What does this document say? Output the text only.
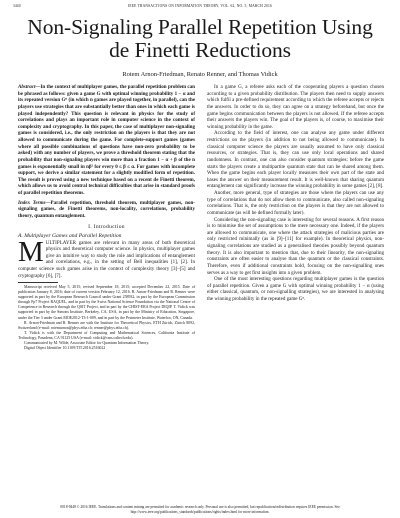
3440	IEEE TRANSACTIONS ON INFORMATION THEORY, VOL. 62, NO. 5, MARCH 2016
Non-Signaling Parallel Repetition Using de Finetti Reductions
Rotem Arnon-Friedman, Renato Renner, and Thomas Vidick

Abstract—In the context of multiplayer games, the parallel repetition problem can be phrased as follows: given a game G with optimal winning probability 1 − α and its repeated version Gⁿ (in which n games are played together, in parallel), can the players use strategies that are substantially better than ones in which each game is played independently? This question is relevant in physics for the study of correlations and plays an important role in computer science in the context of complexity and cryptography. In this paper, the case of multiplayer non-signaling games is considered, i.e., the only restriction on the players is that they are not allowed to communicate during the game. For complete-support games (games where all possible combinations of questions have non-zero probability to be asked) with any number of players, we prove a threshold theorem stating that the probability that non-signaling players win more than a fraction 1 − α + β of the n games is exponentially small in nβ² for every 0 ≤ β ≤ α. For games with incomplete support, we derive a similar statement for a slightly modified form of repetition. The result is proved using a new technique based on a recent de Finetti theorem, which allows us to avoid central technical difficulties that arise in standard proofs of parallel repetition theorems.

Index Terms—Parallel repetition, threshold theorem, multiplayer games, non-signaling games, de Finetti theorems, non-locality, correlations, probability theory, quantum entanglement.

I. Introduction
A. Multiplayer Games and Parallel Repetition

MULTIPLAYER games are relevant in many areas of both theoretical physics and theoretical computer science. In physics, multiplayer games give an intuitive way to study the role and implications of entanglement and correlations, e.g., in the setting of Bell inequalities [1], [2]. In computer science such games arise in the context of complexity theory [3]–[5] and cryptography [6], [7].

Manuscript received May 5, 2015; revised September 18, 2015; accepted December 22, 2015. Date of publication January 8, 2016; date of current version February 12, 2016. R. Arnon-Friedman and R. Renner were supported in part by the European Research Council under Grant 258932, in part by the European Commission through Fp7 Project RAQUEL, and in part by the Swiss National Science Foundation via the National Centre of Competence in Research through the QSIT Project, and in part by the CHIST-ERA Project DIQIP. T. Vidick was supported in part by the Simons Institute, Berkeley, CA, USA, in part by the Ministry of Education, Singapore, under the Tier 3 under Grant MOE2012-T3-1-009, and in part by the Perimeter Institute, Waterloo, ON, Canada.

R. Arnon-Friedman and R. Renner are with the Institute for Theoretical Physics, ETH Zürich, Zürich 8092, Switzerland (e-mail: rotemarnon@phys.ethz.ch; renner@phys.ethz.ch).

T. Vidick is with the Department of Computing and Mathematical Sciences, California Institute of Technology, Pasadena, CA 91125 USA (e-mail: vidick@cms.caltech.edu).

Communicated by M. Wilde, Associate Editor for Quantum Information Theory.

Digital Object Identifier 10.1109/TIT.2016.2516022

In a game G, a referee asks each of the cooperating players a question chosen according to a given probability distribution. The players then need to supply answers which fulfil a pre-defined requirement according to which the referee accepts or rejects the answers. In order to do so, they can agree on a strategy beforehand, but once the game begins communication between the players is not allowed. If the referee accepts their answers the players win. The goal of the players is, of course, to maximise their winning probability in the game.

According to the field of interest, one can analyse any game under different restrictions on the players (in addition to not being allowed to communicate). In classical computer science the players are usually assumed to have only classical resources, or strategies. That is, they can use only local operations and shared randomness. In contrast, one can also consider quantum strategies: before the game starts the players create a multipartite quantum state that can be shared among them. When the game begins each player locally measures their own part of the state and bases the answer on their measurement result. It is well-known that sharing quantum entanglement can significantly increase the winning probability in some games [2], [8].

Another, more general, type of strategies are those where the players can use any type of correlations that do not allow them to communicate, also called non-signaling correlations. That is, the only restriction on the players is that they are not allowed to communicate (as will be defined formally later).

Considering the non-signaling case is interesting for several reasons. A first reason is to minimise the set of assumptions to the mere necessary one. Indeed, if the players are allowed to communicate, one where the attack strategies of malicious parties are only restricted minimally (as in [9]–[11] for example). In theoretical physics, non-signaling correlations are studied as a generalised theories possibly beyond quantum theory. It is also important to mention that, due to their linearity, the non-signaling constraints are often easier to analyse than the quantum or the classical constraints. Therefore, even if additional constraints hold, focusing on the non-signalling ones serves as a way to get first insights into a given problem.

One of the most interesting questions regarding multiplayer games is the question of parallel repetition. Given a game G with optimal winning probability 1 − α (using either classical, quantum, or non-signalling strategies), we are interested in analysing the winning probability in the repeated game Gⁿ.

0018-9448 © 2016 IEEE. Translations and content mining are permitted for academic research only. Personal use is also permitted, but republication/redistribution requires IEEE permission. See http://www.ieee.org/publications_standards/publications/rights/index.html for more information.
